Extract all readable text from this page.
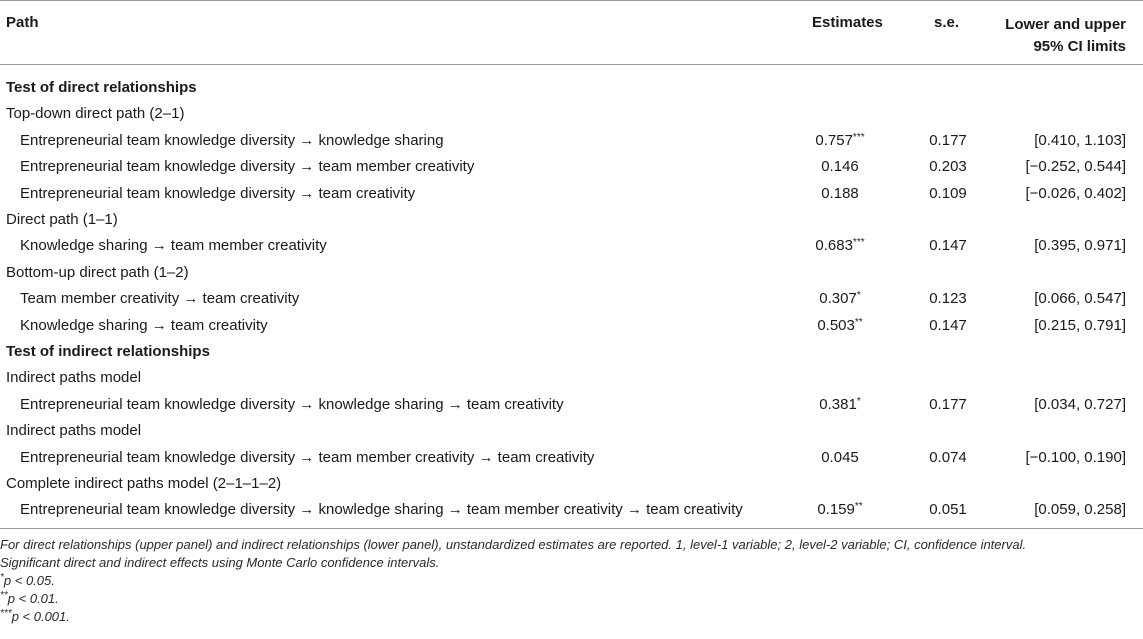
Path	Estimates	s.e.	Lower and upper
95% CI limits
Test of direct relationships
Top-down direct path (2–1)
Entrepreneurial team knowledge diversity → knowledge sharing	0.757***	0.177	[0.410, 1.103]
Entrepreneurial team knowledge diversity → team member creativity	0.146	0.203	[−0.252, 0.544]
Entrepreneurial team knowledge diversity → team creativity	0.188	0.109	[−0.026, 0.402]
Direct path (1–1)
Knowledge sharing → team member creativity	0.683***	0.147	[0.395, 0.971]
Bottom-up direct path (1–2)
Team member creativity → team creativity	0.307*	0.123	[0.066, 0.547]
Knowledge sharing → team creativity	0.503**	0.147	[0.215, 0.791]
Test of indirect relationships
Indirect paths model
Entrepreneurial team knowledge diversity → knowledge sharing → team creativity	0.381*	0.177	[0.034, 0.727]
Indirect paths model
Entrepreneurial team knowledge diversity → team member creativity → team creativity	0.045	0.074	[−0.100, 0.190]
Complete indirect paths model (2–1–1–2)
Entrepreneurial team knowledge diversity → knowledge sharing → team member creativity → team creativity	0.159**	0.051	[0.059, 0.258]
For direct relationships (upper panel) and indirect relationships (lower panel), unstandardized estimates are reported. 1, level-1 variable; 2, level-2 variable; CI, confidence interval.
Significant direct and indirect effects using Monte Carlo confidence intervals.
*p < 0.05.
**p < 0.01.
***p < 0.001.
